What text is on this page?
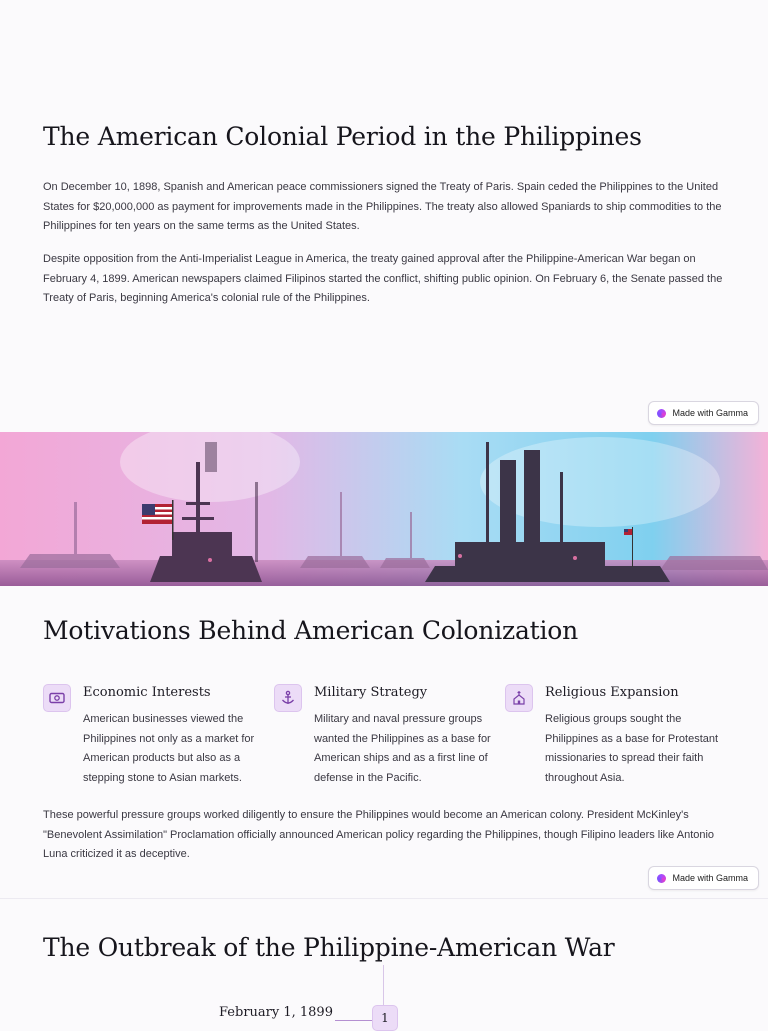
The American Colonial Period in the Philippines

On December 10, 1898, Spanish and American peace commissioners signed the Treaty of Paris. Spain ceded the Philippines to the United States for $20,000,000 as payment for improvements made in the Philippines. The treaty also allowed Spaniards to ship commodities to the Philippines for ten years on the same terms as the United States.

Despite opposition from the Anti-Imperialist League in America, the treaty gained approval after the Philippine-American War began on February 4, 1899. American newspapers claimed Filipinos started the conflict, shifting public opinion. On February 6, the Senate passed the Treaty of Paris, beginning America's colonial rule of the Philippines.

Made with Gamma
Motivations Behind American Colonization
Economic Interests

American businesses viewed the Philippines not only as a market for American products but also as a stepping stone to Asian markets.

Military Strategy

Military and naval pressure groups wanted the Philippines as a base for American ships and as a first line of defense in the Pacific.

Religious Expansion

Religious groups sought the Philippines as a base for Protestant missionaries to spread their faith throughout Asia.

These powerful pressure groups worked diligently to ensure the Philippines would become an American colony. President McKinley's "Benevolent Assimilation" Proclamation officially announced American policy regarding the Philippines, though Filipino leaders like Antonio Luna criticized it as deceptive.

Made with Gamma
The Outbreak of the Philippine-American War
February 1, 1899	1
